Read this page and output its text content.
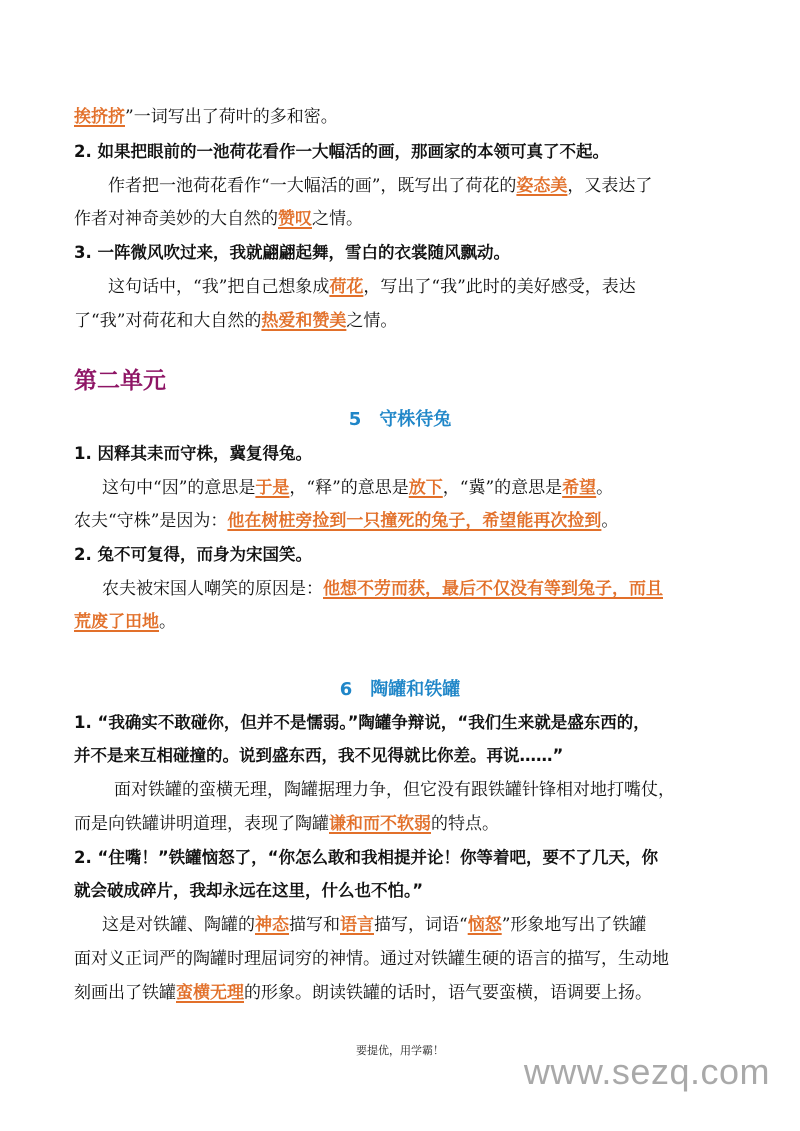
挨挤挤”一词写出了荷叶的多和密。
2. 如果把眼前的一池荷花看作一大幅活的画，那画家的本领可真了不起。
作者把一池荷花看作“一大幅活的画”，既写出了荷花的姿态美，又表达了
作者对神奇美妙的大自然的赞叹之情。
3. 一阵微风吹过来，我就翩翩起舞，雪白的衣裳随风飘动。
这句话中，“我”把自己想象成荷花，写出了“我”此时的美好感受，表达
了“我”对荷花和大自然的热爱和赞美之情。
第二单元
5　守株待兔
1. 因释其耒而守株，冀复得兔。
这句中“因”的意思是于是，“释”的意思是放下，“冀”的意思是希望。
农夫“守株”是因为：他在树桩旁捡到一只撞死的兔子，希望能再次捡到。
2. 兔不可复得，而身为宋国笑。
农夫被宋国人嘲笑的原因是：他想不劳而获，最后不仅没有等到兔子，而且
荒废了田地。
6　陶罐和铁罐
1. “我确实不敢碰你，但并不是懦弱。”陶罐争辩说，“我们生来就是盛东西的，
并不是来互相碰撞的。说到盛东西，我不见得就比你差。再说……”
面对铁罐的蛮横无理，陶罐据理力争，但它没有跟铁罐针锋相对地打嘴仗，
而是向铁罐讲明道理，表现了陶罐谦和而不软弱的特点。
2. “住嘴！”铁罐恼怒了，“你怎么敢和我相提并论！你等着吧，要不了几天，你
就会破成碎片，我却永远在这里，什么也不怕。”
这是对铁罐、陶罐的神态描写和语言描写，词语“恼怒”形象地写出了铁罐
面对义正词严的陶罐时理屈词穷的神情。通过对铁罐生硬的语言的描写，生动地
刻画出了铁罐蛮横无理的形象。朗读铁罐的话时，语气要蛮横，语调要上扬。
要提优，用学霸！
www.sezq.com
